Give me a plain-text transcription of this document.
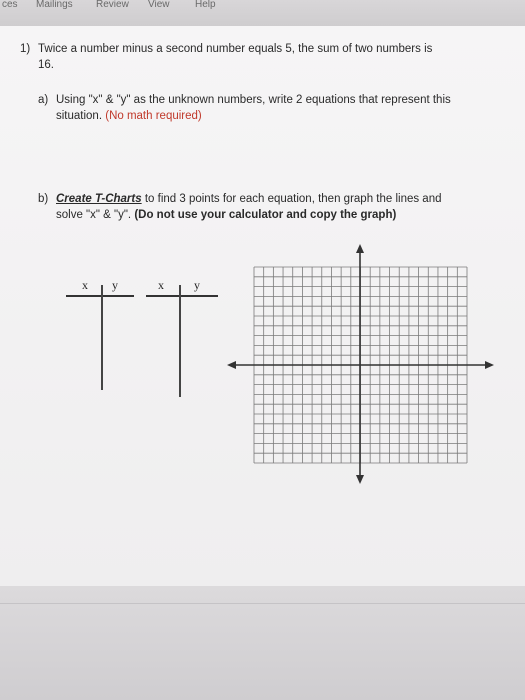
ces Mailings Review View	Help
1) Twice a number minus a second number equals 5, the sum of two numbers is
16.
a) Using "x" & "y" as the unknown numbers, write 2 equations that represent this
situation. (No math required)
b) Create T-Charts to find 3 points for each equation, then graph the lines and
solve "x" & "y". (Do not use your calculator and copy the graph)
x y	x	y
